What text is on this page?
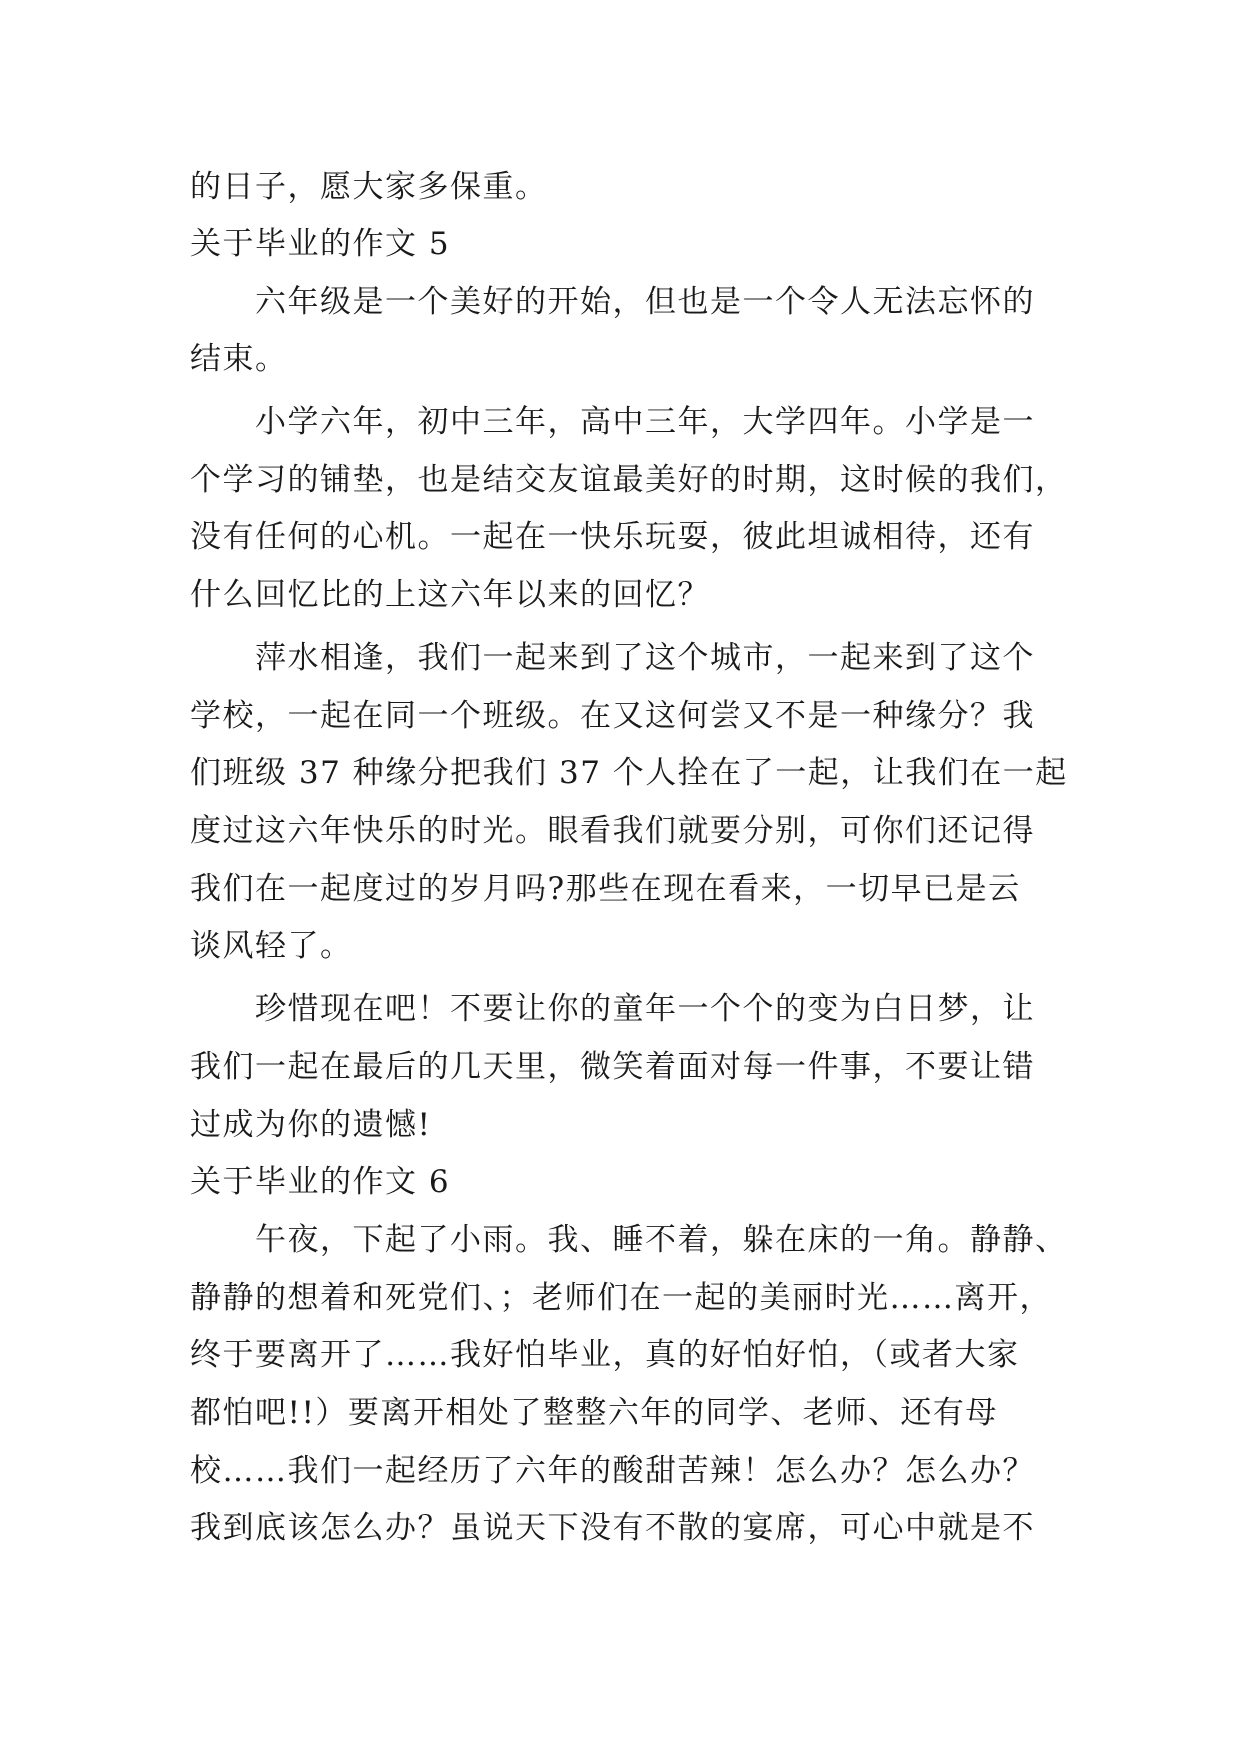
的日子，愿大家多保重。
关于毕业的作文 5
六年级是一个美好的开始，但也是一个令人无法忘怀的
结束。
小学六年，初中三年，高中三年，大学四年。小学是一
个学习的铺垫，也是结交友谊最美好的时期，这时候的我们，
没有任何的心机。一起在一快乐玩耍，彼此坦诚相待，还有
什么回忆比的上这六年以来的回忆？
萍水相逢，我们一起来到了这个城市，一起来到了这个
学校，一起在同一个班级。在又这何尝又不是一种缘分？我
们班级 37 种缘分把我们 37 个人拴在了一起，让我们在一起
度过这六年快乐的时光。眼看我们就要分别，可你们还记得
我们在一起度过的岁月吗?那些在现在看来，一切早已是云
谈风轻了。
珍惜现在吧！不要让你的童年一个个的变为白日梦，让
我们一起在最后的几天里，微笑着面对每一件事，不要让错
过成为你的遗憾!
关于毕业的作文 6
午夜，下起了小雨。我、睡不着，躲在床的一角。静静、
静静的想着和死党们、；老师们在一起的美丽时光……离开，
终于要离开了……我好怕毕业，真的好怕好怕，（或者大家
都怕吧!!）要离开相处了整整六年的同学、老师、还有母
校……我们一起经历了六年的酸甜苦辣！怎么办？怎么办？
我到底该怎么办？虽说天下没有不散的宴席，可心中就是不
